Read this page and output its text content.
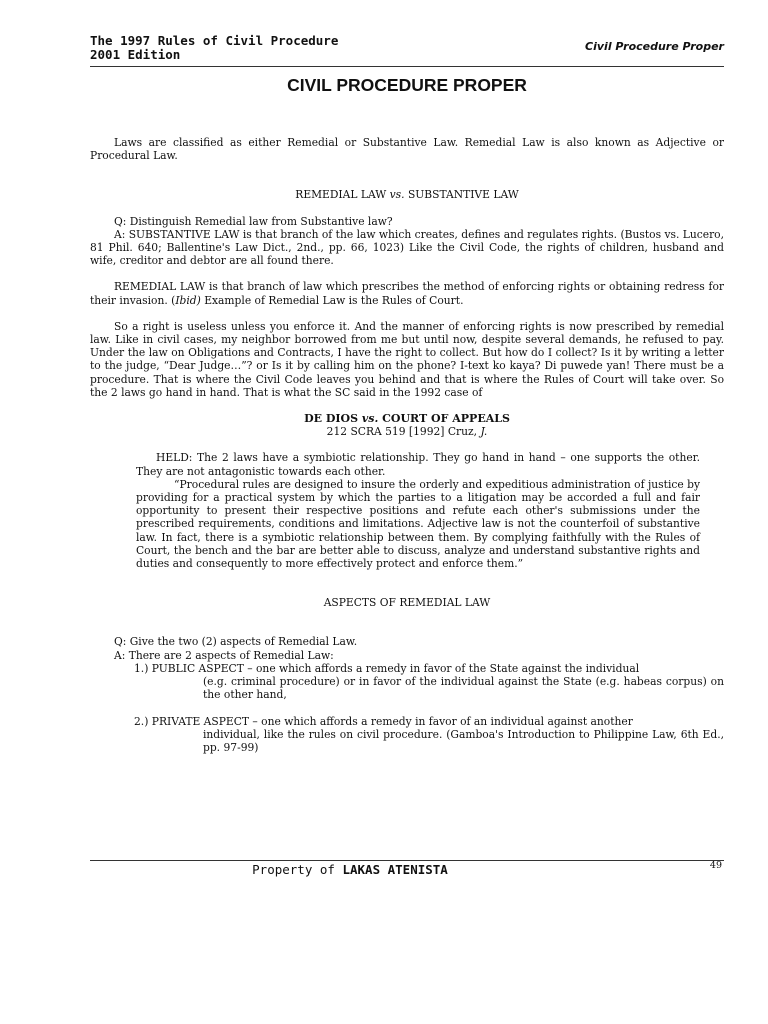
The 1997 Rules of Civil Procedure
2001 Edition
Civil Procedure Proper
CIVIL PROCEDURE PROPER

Laws are classified as either Remedial or Substantive Law. Remedial Law is also known as Adjective or Procedural Law.

REMEDIAL LAW vs. SUBSTANTIVE LAW

Q: Distinguish Remedial law from Substantive law?

A: SUBSTANTIVE LAW is that branch of the law which creates, defines and regulates rights. (Bustos vs. Lucero, 81 Phil. 640; Ballentine's Law Dict., 2nd., pp. 66, 1023) Like the Civil Code, the rights of children, husband and wife, creditor and debtor are all found there.

REMEDIAL LAW is that branch of law which prescribes the method of enforcing rights or obtaining redress for their invasion. (Ibid) Example of Remedial Law is the Rules of Court.

So a right is useless unless you enforce it. And the manner of enforcing rights is now prescribed by remedial law. Like in civil cases, my neighbor borrowed from me but until now, despite several demands, he refused to pay. Under the law on Obligations and Contracts, I have the right to collect. But how do I collect? Is it by writing a letter to the judge, “Dear Judge…”? or Is it by calling him on the phone? I-text ko kaya? Di puwede yan! There must be a procedure. That is where the Civil Code leaves you behind and that is where the Rules of Court will take over. So the 2 laws go hand in hand. That is what the SC said in the 1992 case of

DE DIOS vs. COURT OF APPEALS

212 SCRA 519 [1992] Cruz, J.

HELD: The 2 laws have a symbiotic relationship. They go hand in hand – one supports the other. They are not antagonistic towards each other.

“Procedural rules are designed to insure the orderly and expeditious administration of justice by providing for a practical system by which the parties to a litigation may be accorded a full and fair opportunity to present their respective positions and refute each other's submissions under the prescribed requirements, conditions and limitations. Adjective law is not the counterfoil of substantive law. In fact, there is a symbiotic relationship between them. By complying faithfully with the Rules of Court, the bench and the bar are better able to discuss, analyze and understand substantive rights and duties and consequently to more effectively protect and enforce them.”

ASPECTS OF REMEDIAL LAW

Q: Give the two (2) aspects of Remedial Law.

A: There are 2 aspects of Remedial Law:

1.) PUBLIC ASPECT – one which affords a remedy in favor of the State against the individual

(e.g. criminal procedure) or in favor of the individual against the State (e.g. habeas corpus) on the other hand,

2.) PRIVATE ASPECT – one which affords a remedy in favor of an individual against another

individual, like the rules on civil procedure. (Gamboa's Introduction to Philippine Law, 6th Ed., pp. 97-99)

Property of LAKAS ATENISTA	49
